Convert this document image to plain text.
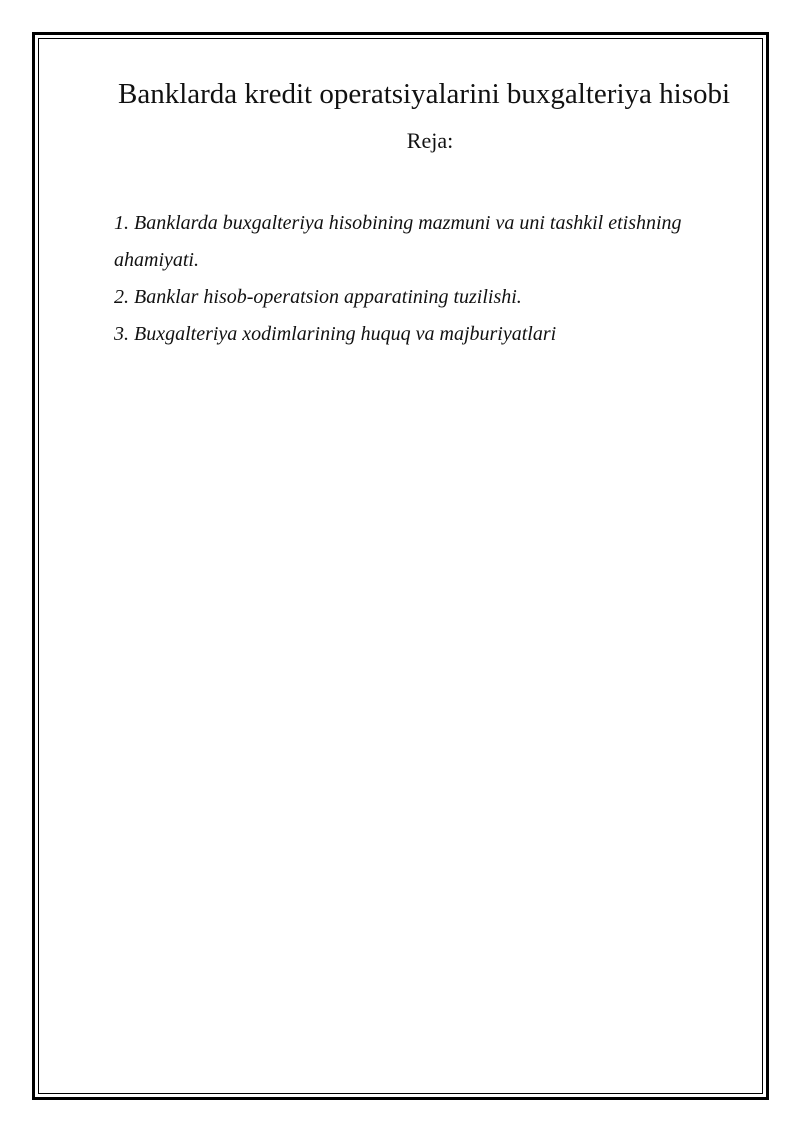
Banklarda kredit operatsiyalarini buxgalteriya hisobi
Reja:
1. Banklarda buxgalteriya hisobining mazmuni va uni tashkil etishning ahamiyati.
2. Banklar hisob-operatsion apparatining tuzilishi.
3. Buxgalteriya xodimlarining huquq va majburiyatlari
